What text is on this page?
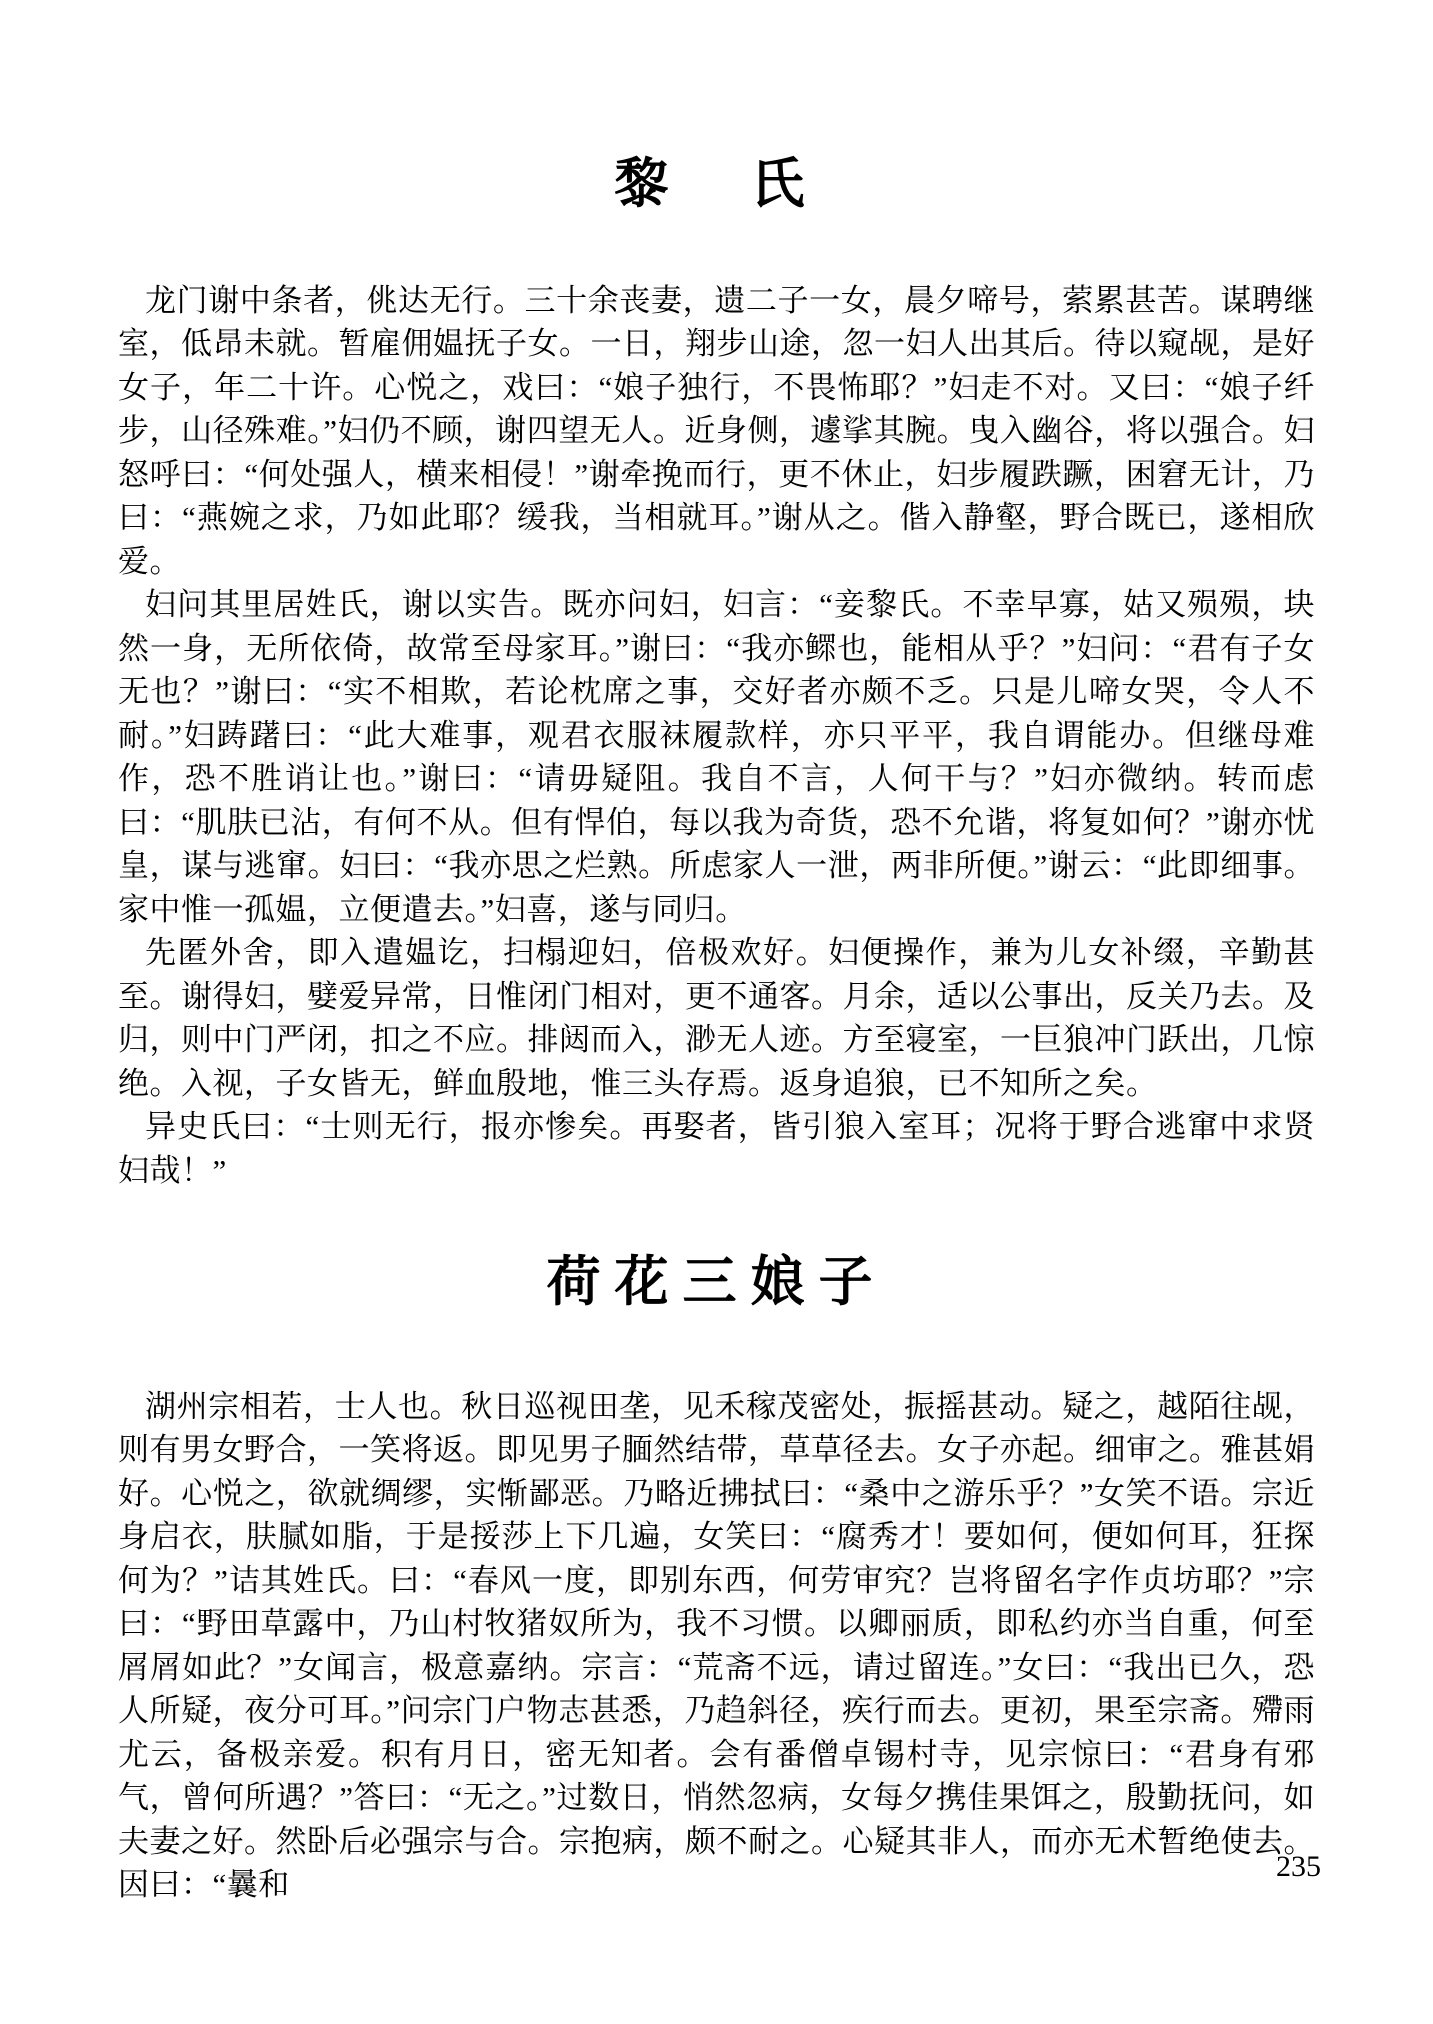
黎　氏

龙门谢中条者，佻达无行。三十余丧妻，遗二子一女，晨夕啼号，萦累甚苦。谋聘继室，低昂未就。暂雇佣媪抚子女。一日，翔步山途，忽一妇人出其后。待以窥觇，是好女子，年二十许。心悦之，戏曰：“娘子独行，不畏怖耶？”妇走不对。又曰：“娘子纤步，山径殊难。”妇仍不顾，谢四望无人。近身侧，遽挲其腕。曳入幽谷，将以强合。妇怒呼曰：“何处强人，横来相侵！”谢牵挽而行，更不休止，妇步履跌蹶，困窘无计，乃曰：“燕婉之求，乃如此耶？缓我，当相就耳。”谢从之。偕入静壑，野合既已，遂相欣爱。

妇问其里居姓氏，谢以实告。既亦问妇，妇言：“妾黎氏。不幸早寡，姑又殒殒，块然一身，无所依倚，故常至母家耳。”谢曰：“我亦鳏也，能相从乎？”妇问：“君有子女无也？”谢曰：“实不相欺，若论枕席之事，交好者亦颇不乏。只是儿啼女哭，令人不耐。”妇踌躇曰：“此大难事，观君衣服袜履款样，亦只平平，我自谓能办。但继母难作，恐不胜诮让也。”谢曰：“请毋疑阻。我自不言，人何干与？”妇亦微纳。转而虑曰：“肌肤已沾，有何不从。但有悍伯，每以我为奇货，恐不允谐，将复如何？”谢亦忧皇，谋与逃窜。妇曰：“我亦思之烂熟。所虑家人一泄，两非所便。”谢云：“此即细事。家中惟一孤媪，立便遣去。”妇喜，遂与同归。

先匿外舍，即入遣媪讫，扫榻迎妇，倍极欢好。妇便操作，兼为儿女补缀，辛勤甚至。谢得妇，嬖爱异常，日惟闭门相对，更不通客。月余，适以公事出，反关乃去。及归，则中门严闭，扣之不应。排闼而入，渺无人迹。方至寝室，一巨狼冲门跃出，几惊绝。入视，子女皆无，鲜血殷地，惟三头存焉。返身追狼，已不知所之矣。

异史氏曰：“士则无行，报亦惨矣。再娶者，皆引狼入室耳；况将于野合逃窜中求贤妇哉！”

荷花三娘子

湖州宗相若，士人也。秋日巡视田垄，见禾稼茂密处，振摇甚动。疑之，越陌往觇，则有男女野合，一笑将返。即见男子腼然结带，草草径去。女子亦起。细审之。雅甚娟好。心悦之，欲就绸缪，实惭鄙恶。乃略近拂拭曰：“桑中之游乐乎？”女笑不语。宗近身启衣，肤腻如脂，于是挼莎上下几遍，女笑曰：“腐秀才！要如何，便如何耳，狂探何为？”诘其姓氏。曰：“春风一度，即别东西，何劳审究？岂将留名字作贞坊耶？”宗曰：“野田草露中，乃山村牧猪奴所为，我不习惯。以卿丽质，即私约亦当自重，何至屑屑如此？”女闻言，极意嘉纳。宗言：“荒斋不远，请过留连。”女曰：“我出已久，恐人所疑，夜分可耳。”问宗门户物志甚悉，乃趋斜径，疾行而去。更初，果至宗斋。殢雨尤云，备极亲爱。积有月日，密无知者。会有番僧卓锡村寺，见宗惊曰：“君身有邪气，曾何所遇？”答曰：“无之。”过数日，悄然忽病，女每夕携佳果饵之，殷勤抚问，如夫妻之好。然卧后必强宗与合。宗抱病，颇不耐之。心疑其非人，而亦无术暂绝使去。因曰：“曩和

235
